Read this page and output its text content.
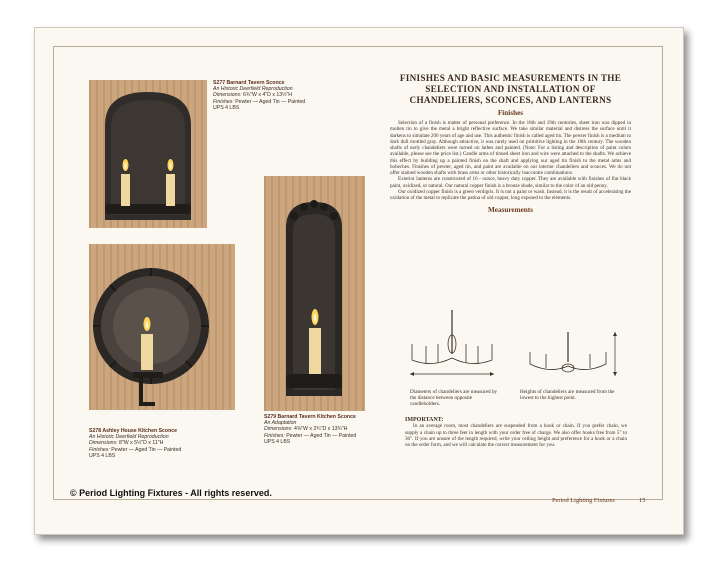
S277 Barnard Tavern Sconce
An Historic Deerfield Reproduction
Dimensions: 6¾"W x 4"D x 13½"H
Finishes: Pewter — Aged Tin — Painted
UPS 4 LBS
S278 Ashley House Kitchen Sconce
An Historic Deerfield Reproduction
Dimensions: 8"W x 5½"D x 11"H
Finishes: Pewter — Aged Tin — Painted
UPS 4 LBS
S279 Barnard Tavern Kitchen Sconce
An Adaptation
Dimensions: 4⅝"W x 2¾"D x 13¾"H
Finishes: Pewter — Aged Tin — Painted
UPS 4 LBS
FINISHES AND BASIC MEASUREMENTS IN THE SELECTION AND INSTALLATION OF CHANDELIERS, SCONCES, AND LANTERNS
Finishes

Selection of a finish is matter of personal preference. In the 18th and 19th centuries, sheet iron was dipped in molten tin to give the metal a bright reflective surface. We take similar material and distress the surface until it darkens to simulate 200 years of age and use. This authentic finish is called aged tin. The pewter finish is a medium to dark dull mottled gray. Although attractive, it was rarely used on primitive lighting in the 18th century. The wooden shafts of early chandeliers were turned on lathes and painted. (Note: For a listing and description of paint colors available, please see the price list.) Candle arms of tinned sheet iron and wire were attached to the shafts. We achieve this effect by building up a painted finish on the shaft and applying our aged tin finish to the metal arms and bobeches. Finishes of pewter, aged tin, and paint are available on our interior chandeliers and sconces. We do not offer stained wooden shafts with brass arms or other historically inaccurate combinations.

Exterior lanterns are constructed of 16 - ounce, heavy duty copper. They are available with finishes of flat black paint, oxidized, or natural. Our natural copper finish is a bronze shade, similar to the color of an old penny.

Our oxidized copper finish is a green verdigris. It is not a paint or wash. Instead, it is the result of accelerating the oxidation of the metal to replicate the patina of old copper, long exposed to the elements.

Measurements
Diameters of chandeliers are measured by the distance between opposite candleholders.
Heights of chandeliers are measured from the lowest to the highest point.
IMPORTANT:

In an average room, most chandeliers are suspended from a hook or chain. If you prefer chain, we supply a chain up to three feet in length with your order free of charge. We also offer hooks free from 5" to 36". If you are unsure of the length required, write your ceiling height and preference for a hook or a chain on the order form, and we will calculate the correct measurement for you.

Period Lighting Fixtures	15
© Period Lighting Fixtures - All rights reserved.
